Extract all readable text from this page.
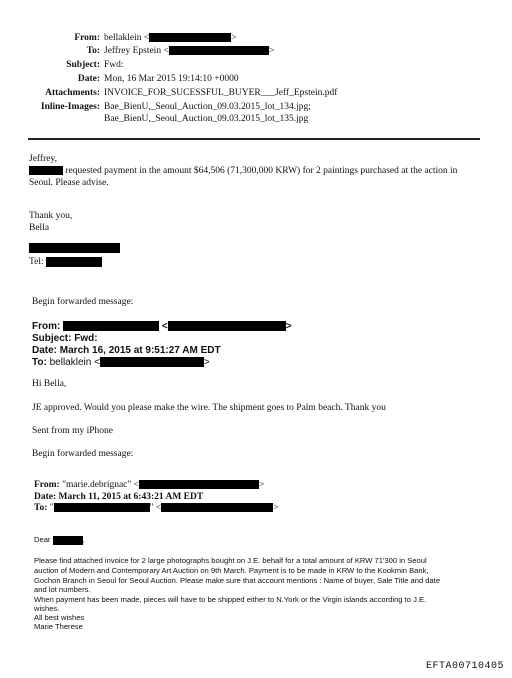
From: bellaklein <	>
To: Jeffrey Epstein <	>
Subject: Fwd:
Date: Mon, 16 Mar 2015 19:14:10 +0000
Attachments: INVOICE_FOR_SUCESSFUL_BUYER___Jeff_Epstein.pdf
Inline-Images: Bae_BienU,_Seoul_Auction_09.03.2015_lot_134.jpg;
Bae_BienU,_Seoul_Auction_09.03.2015_lot_135.jpg
Jeffrey,
requested payment in the amount $64,506 (71,300,000 KRW) for 2 paintings purchased at the action in
Seoul. Please advise.
Thank you,
Bella
Tel:
Begin forwarded message:
From:	<	>
Subject: Fwd:
Date: March 16, 2015 at 9:51:27 AM EDT
To: bellaklein <	>
Hi Bella,
JE approved. Would you please make the wire. The shipment goes to Palm beach. Thank you
Sent from my iPhone
Begin forwarded message:
From: "marie.debrignac" <	>
Date: March 11, 2015 at 6:43:21 AM EDT
To: "	" <	>
Dear	,
Please find attached invoice for 2 large photographs bought on J.E. behalf for a total amount of KRW 71'300 in Seoul
auction of Modern and Contemporary Art Auction on 9th March. Payment is to be made in KRW to the Kookmin Bank,
Gochon Branch in Seoul for Seoul Auction. Please make sure that account mentions : Name of buyer, Sale Title and date
and lot numbers.
When payment has been made, pieces will have to be shipped either to N.York or the Virgin islands according to J.E.
wishes.
All best wishes
Marie Therese
EFTA00710405
